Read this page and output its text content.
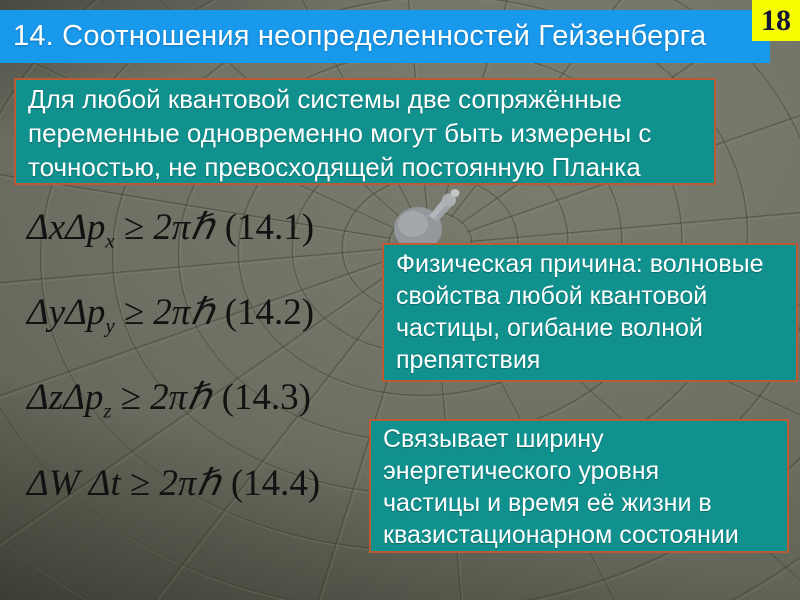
14. Соотношения неопределенностей Гейзенберга	18
Для любой квантовой системы две сопряжённые
переменные одновременно могут быть измерены с
точностью, не превосходящей постоянную Планка
ΔxΔp$_x$ ≥ 2πℏ (14.1)
ΔyΔp$_y$ ≥ 2πℏ (14.2)
ΔzΔp$_z$ ≥ 2πℏ (14.3)
ΔW Δt ≥ 2πℏ (14.4)
Физическая причина: волновые
свойства любой квантовой
частицы, огибание волной
препятствия
Связывает ширину
энергетического уровня
частицы и время её жизни в
квазистационарном состоянии
